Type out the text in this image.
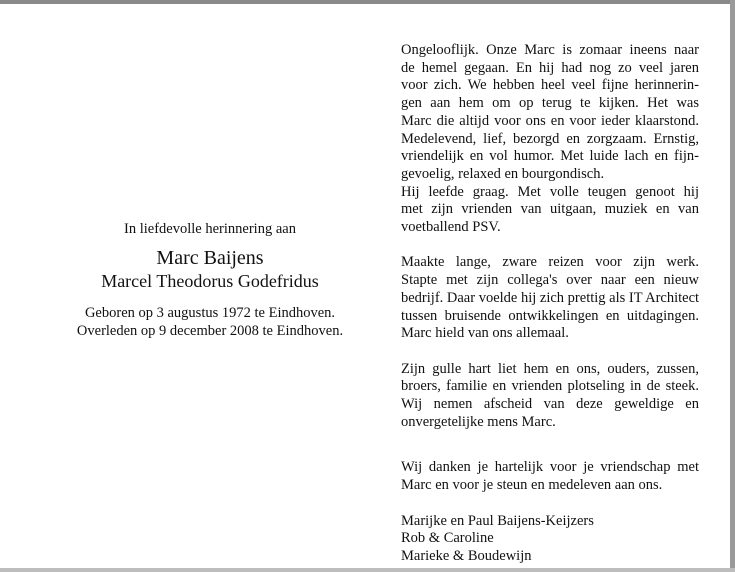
In liefdevolle herinnering aan

Marc Baijens

Marcel Theodorus Godefridus

Geboren op 3 augustus 1972 te Eindhoven.
Overleden op 9 december 2008 te Eindhoven.
Ongelooflijk. Onze Marc is zomaar ineens naar
de hemel gegaan. En hij had nog zo veel jaren
voor zich. We hebben heel veel fijne herinnerin-
gen aan hem om op terug te kijken. Het was
Marc die altijd voor ons en voor ieder klaarstond.
Medelevend, lief, bezorgd en zorgzaam. Ernstig,
vriendelijk en vol humor. Met luide lach en fijn-
gevoelig, relaxed en bourgondisch.
Hij leefde graag. Met volle teugen genoot hij
met zijn vrienden van uitgaan, muziek en van
voetballend PSV.
Maakte lange, zware reizen voor zijn werk.
Stapte met zijn collega's over naar een nieuw
bedrijf. Daar voelde hij zich prettig als IT Architect
tussen bruisende ontwikkelingen en uitdagingen.
Marc hield van ons allemaal.
Zijn gulle hart liet hem en ons, ouders, zussen,
broers, familie en vrienden plotseling in de steek.
Wij nemen afscheid van deze geweldige en
onvergetelijke mens Marc.
Wij danken je hartelijk voor je vriendschap met
Marc en voor je steun en medeleven aan ons.
Marijke en Paul Baijens-Keijzers
Rob & Caroline
Marieke & Boudewijn
